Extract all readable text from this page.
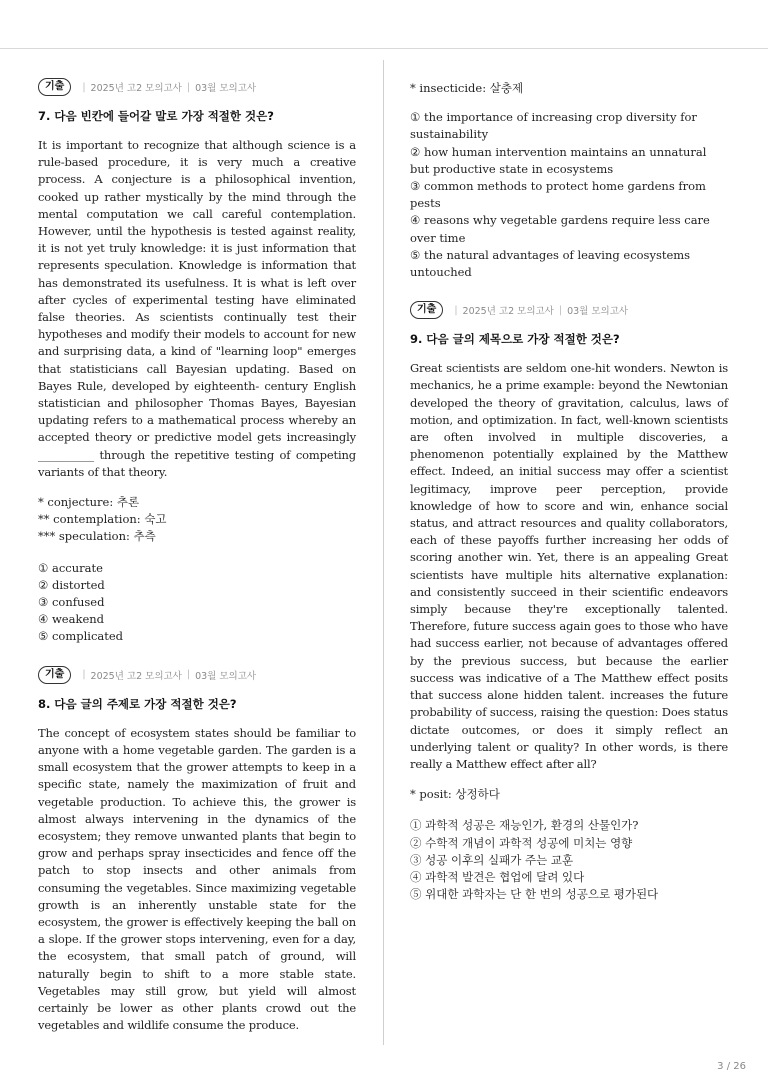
기출	| 2025년 고2 모의고사 | 03월 모의고사
7. 다음 빈칸에 들어갈 말로 가장 적절한 것은?

It is important to recognize that although science is a rule-based procedure, it is very much a creative process. A conjecture is a philosophical invention, cooked up rather mystically by the mind through the mental computation we call careful contemplation. However, until the hypothesis is tested against reality, it is not yet truly knowledge: it is just information that represents speculation. Knowledge is information that has demonstrated its usefulness. It is what is left over after cycles of experimental testing have eliminated false theories. As scientists continually test their hypotheses and modify their models to account for new and surprising data, a kind of "learning loop" emerges that statisticians call Bayesian updating. Based on Bayes Rule, developed by eighteenth- century English statistician and philosopher Thomas Bayes, Bayesian updating refers to a mathematical process whereby an accepted theory or predictive model gets increasingly __________ through the repetitive testing of competing variants of that theory.

* conjecture: 추론
** contemplation: 숙고
*** speculation: 추측
① accurate
② distorted
③ confused
④ weakend
⑤ complicated
기출	| 2025년 고2 모의고사 | 03월 모의고사
8. 다음 글의 주제로 가장 적절한 것은?

The concept of ecosystem states should be familiar to anyone with a home vegetable garden. The garden is a small ecosystem that the grower attempts to keep in a specific state, namely the maximization of fruit and vegetable production. To achieve this, the grower is almost always intervening in the dynamics of the ecosystem; they remove unwanted plants that begin to grow and perhaps spray insecticides and fence off the patch to stop insects and other animals from consuming the vegetables. Since maximizing vegetable growth is an inherently unstable state for the ecosystem, the grower is effectively keeping the ball on a slope. If the grower stops intervening, even for a day, the ecosystem, that small patch of ground, will naturally begin to shift to a more stable state. Vegetables may still grow, but yield will almost certainly be lower as other plants crowd out the vegetables and wildlife consume the produce.

* insecticide: 살충제
① the importance of increasing crop diversity for sustainability
② how human intervention maintains an unnatural but productive state in ecosystems
③ common methods to protect home gardens from pests
④ reasons why vegetable gardens require less care over time
⑤ the natural advantages of leaving ecosystems untouched
기출	| 2025년 고2 모의고사 | 03월 모의고사
9. 다음 글의 제목으로 가장 적절한 것은?

Great scientists are seldom one-hit wonders. Newton is mechanics, he a prime example: beyond the Newtonian developed the theory of gravitation, calculus, laws of motion, and optimization. In fact, well-known scientists are often involved in multiple discoveries, a phenomenon potentially explained by the Matthew effect. Indeed, an initial success may offer a scientist legitimacy, improve peer perception, provide knowledge of how to score and win, enhance social status, and attract resources and quality collaborators, each of these payoffs further increasing her odds of scoring another win. Yet, there is an appealing Great scientists have multiple hits alternative explanation: and consistently succeed in their scientific endeavors simply because they're exceptionally talented. Therefore, future success again goes to those who have had success earlier, not because of advantages offered by the previous success, but because the earlier success was indicative of a The Matthew effect posits that success alone hidden talent. increases the future probability of success, raising the question: Does status dictate outcomes, or does it simply reflect an underlying talent or quality? In other words, is there really a Matthew effect after all?

* posit: 상정하다
① 과학적 성공은 재능인가, 환경의 산물인가?
② 수학적 개념이 과학적 성공에 미치는 영향
③ 성공 이후의 실패가 주는 교훈
④ 과학적 발견은 협업에 달려 있다
⑤ 위대한 과학자는 단 한 번의 성공으로 평가된다
3 / 26
